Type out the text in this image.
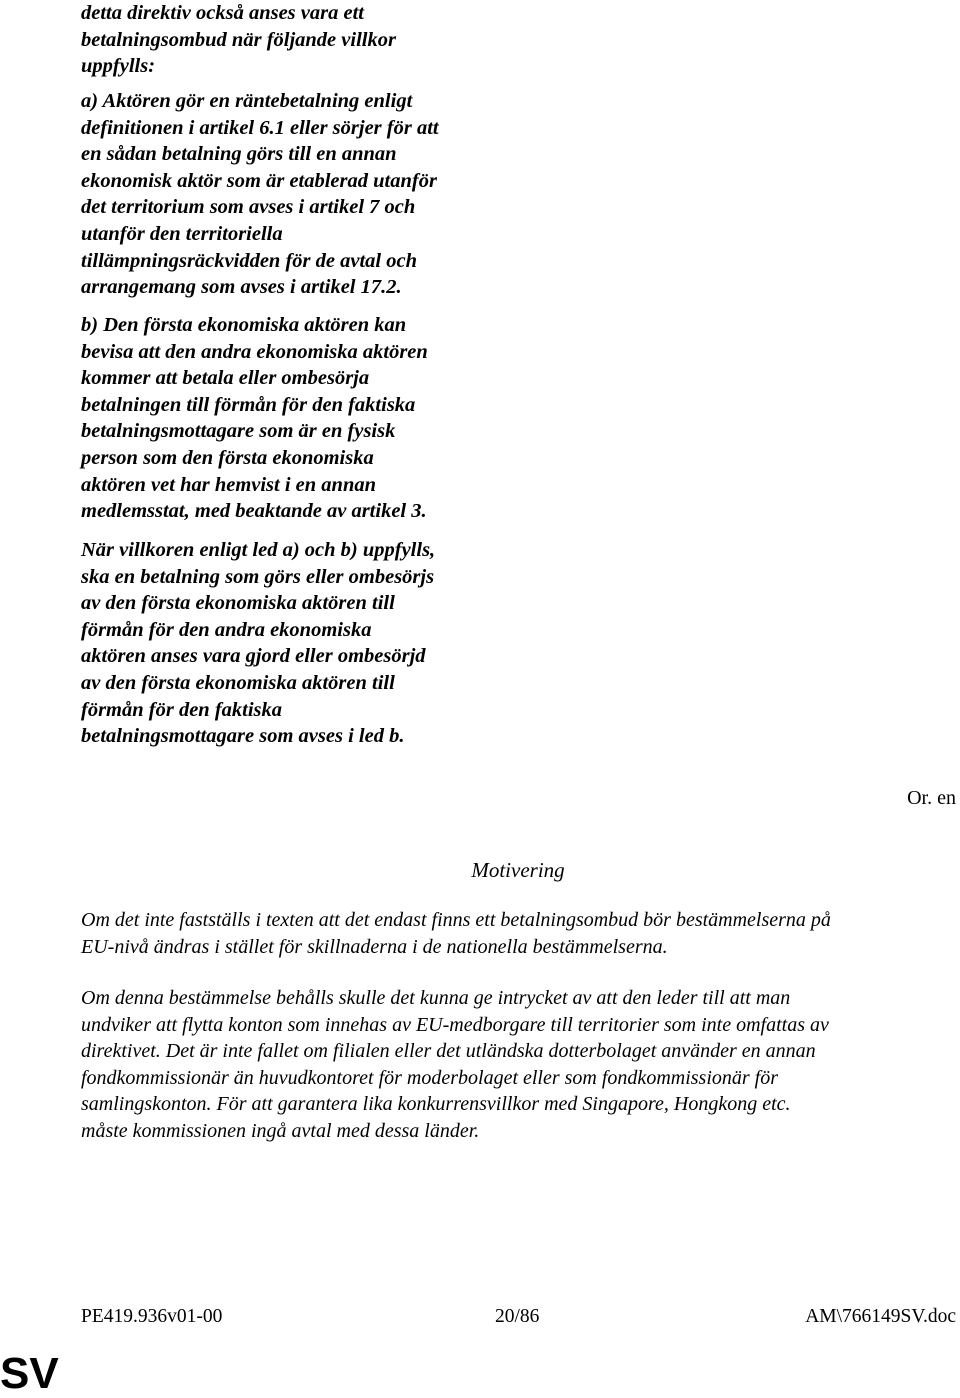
detta direktiv också anses vara ett
betalningsombud när följande villkor
uppfylls:

a) Aktören gör en räntebetalning enligt
definitionen i artikel 6.1 eller sörjer för att
en sådan betalning görs till en annan
ekonomisk aktör som är etablerad utanför
det territorium som avses i artikel 7 och
utanför den territoriella
tillämpningsräckvidden för de avtal och
arrangemang som avses i artikel 17.2.

b) Den första ekonomiska aktören kan
bevisa att den andra ekonomiska aktören
kommer att betala eller ombesörja
betalningen till förmån för den faktiska
betalningsmottagare som är en fysisk
person som den första ekonomiska
aktören vet har hemvist i en annan
medlemsstat, med beaktande av artikel 3.

När villkoren enligt led a) och b) uppfylls,
ska en betalning som görs eller ombesörjs
av den första ekonomiska aktören till
förmån för den andra ekonomiska
aktören anses vara gjord eller ombesörjd
av den första ekonomiska aktören till
förmån för den faktiska
betalningsmottagare som avses i led b.

Or. en
Motivering

Om det inte fastställs i texten att det endast finns ett betalningsombud bör bestämmelserna på
EU-nivå ändras i stället för skillnaderna i de nationella bestämmelserna.

Om denna bestämmelse behålls skulle det kunna ge intrycket av att den leder till att man
undviker att flytta konton som innehas av EU-medborgare till territorier som inte omfattas av
direktivet. Det är inte fallet om filialen eller det utländska dotterbolaget använder en annan
fondkommissionär än huvudkontoret för moderbolaget eller som fondkommissionär för
samlingskonton. För att garantera lika konkurrensvillkor med Singapore, Hongkong etc.
måste kommissionen ingå avtal med dessa länder.

PE419.936v01-00	20/86	AM\766149SV.doc
SV
